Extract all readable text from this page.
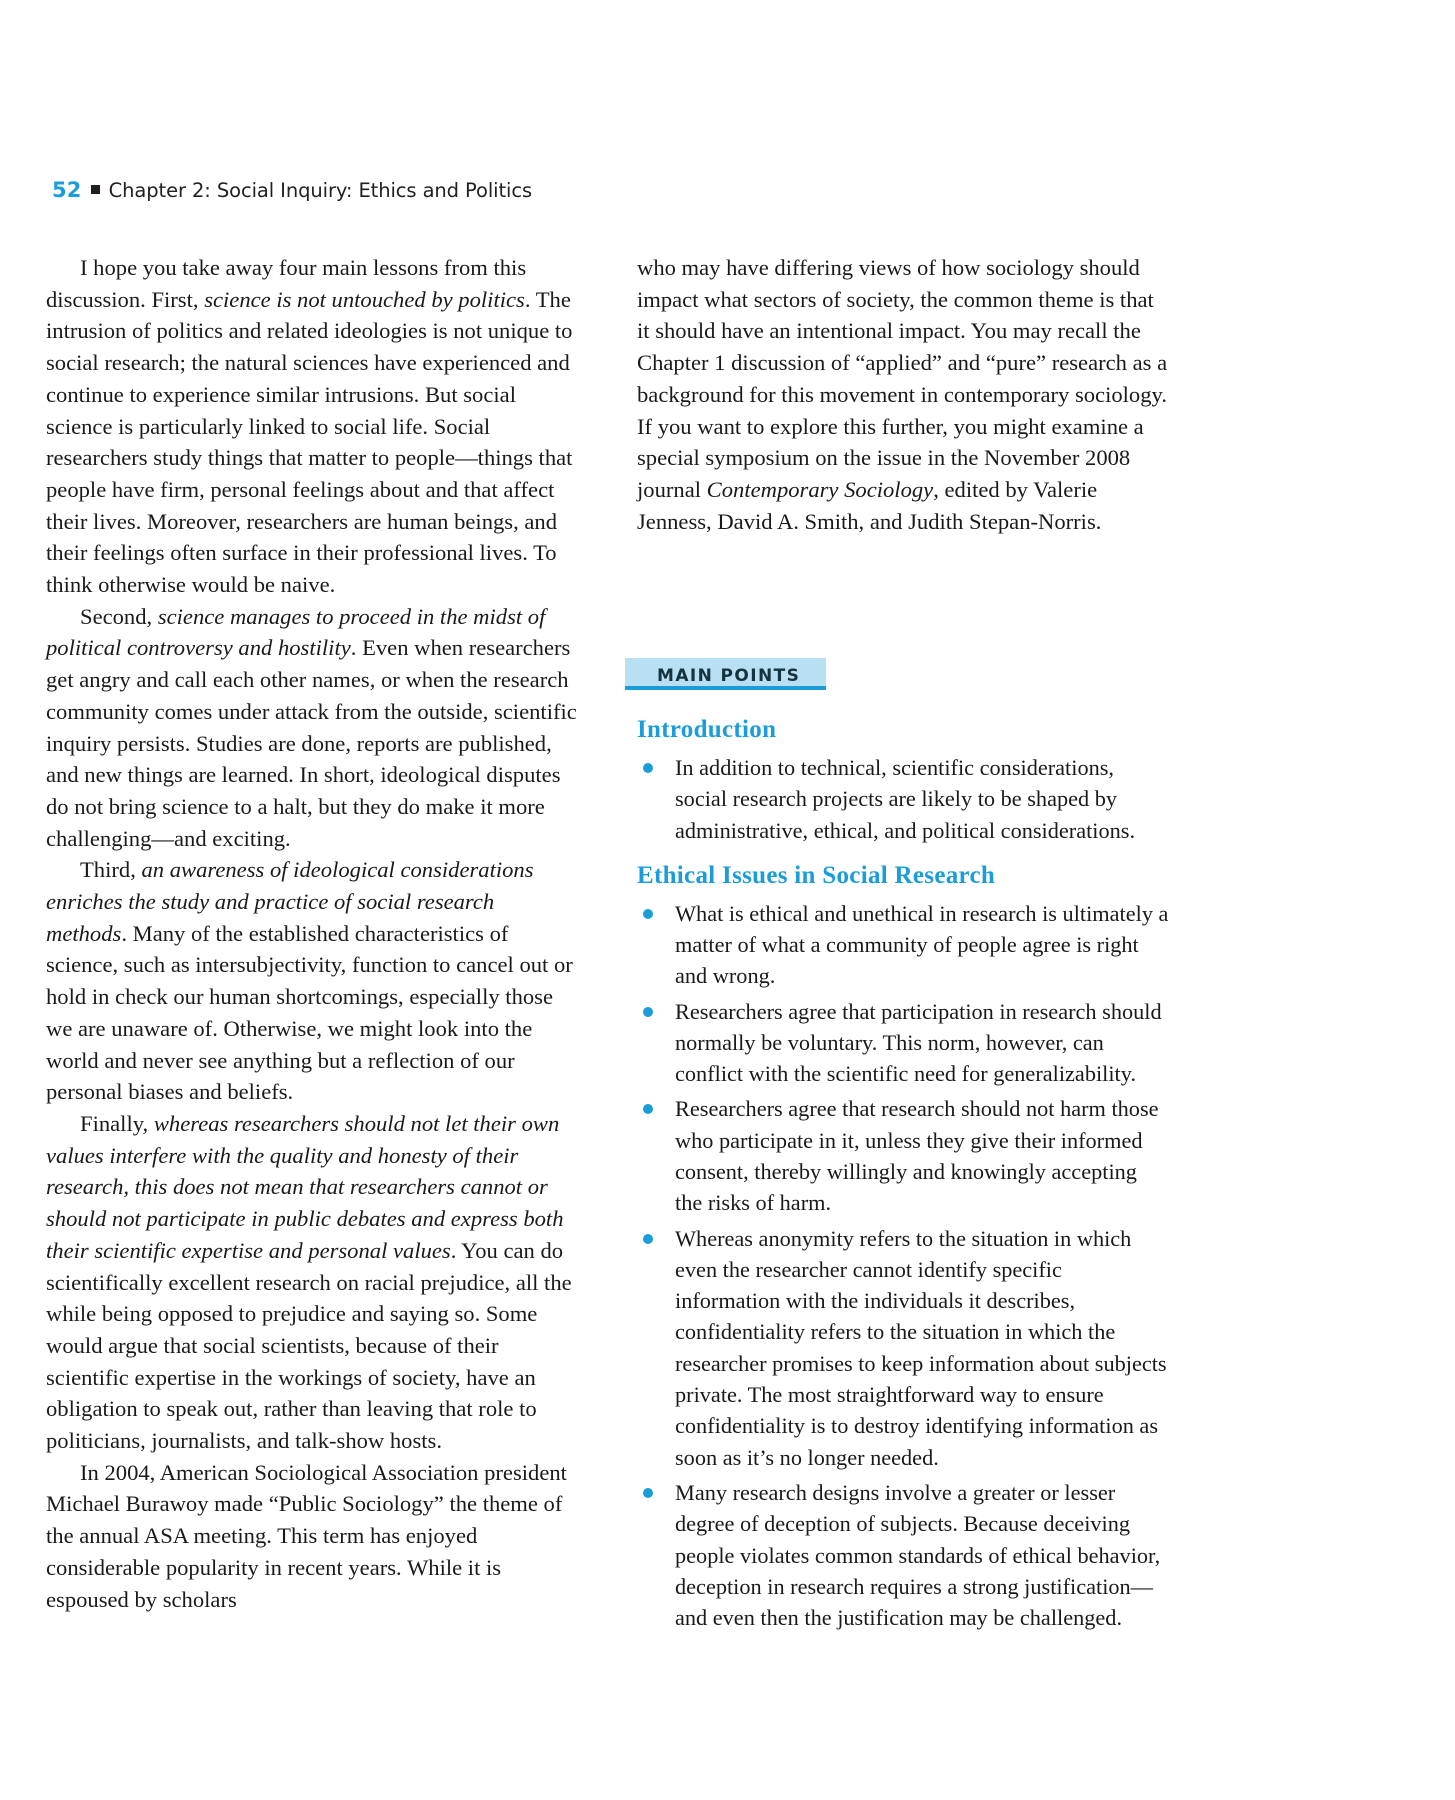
52 Chapter 2: Social Inquiry: Ethics and Politics

I hope you take away four main lessons from this discussion. First, science is not untouched by politics. The intrusion of politics and related ideologies is not unique to social research; the natural sciences have experienced and continue to experience similar intrusions. But social science is particularly linked to social life. Social researchers study things that matter to people—things that people have firm, personal feelings about and that affect their lives. Moreover, researchers are human beings, and their feelings often surface in their professional lives. To think otherwise would be naive.

Second, science manages to proceed in the midst of political controversy and hostility. Even when researchers get angry and call each other names, or when the research community comes under attack from the outside, scientific inquiry persists. Studies are done, reports are published, and new things are learned. In short, ideological disputes do not bring science to a halt, but they do make it more challenging—and exciting.

Third, an awareness of ideological considerations enriches the study and practice of social research methods. Many of the established characteristics of science, such as intersubjectivity, function to cancel out or hold in check our human shortcomings, especially those we are unaware of. Otherwise, we might look into the world and never see anything but a reflection of our personal biases and beliefs.

Finally, whereas researchers should not let their own values interfere with the quality and honesty of their research, this does not mean that researchers cannot or should not participate in public debates and express both their scientific expertise and personal values. You can do scientifically excellent research on racial prejudice, all the while being opposed to prejudice and saying so. Some would argue that social scientists, because of their scientific expertise in the workings of society, have an obligation to speak out, rather than leaving that role to politicians, journalists, and talk-show hosts.

In 2004, American Sociological Association president Michael Burawoy made “Public Sociology” the theme of the annual ASA meeting. This term has enjoyed considerable popularity in recent years. While it is espoused by scholars

who may have differing views of how sociology should impact what sectors of society, the common theme is that it should have an intentional impact. You may recall the Chapter 1 discussion of “applied” and “pure” research as a background for this movement in contemporary sociology. If you want to explore this further, you might examine a special symposium on the issue in the November 2008 journal Contemporary Sociology, edited by Valerie Jenness, David A. Smith, and Judith Stepan-Norris.

MAIN POINTS
Introduction
In addition to technical, scientific considerations, social research projects are likely to be shaped by administrative, ethical, and political considerations.
Ethical Issues in Social Research
What is ethical and unethical in research is ultimately a matter of what a community of people agree is right and wrong.
Researchers agree that participation in research should normally be voluntary. This norm, however, can conflict with the scientific need for generalizability.
Researchers agree that research should not harm those who participate in it, unless they give their informed consent, thereby willingly and knowingly accepting the risks of harm.
Whereas anonymity refers to the situation in which even the researcher cannot identify specific information with the individuals it describes, confidentiality refers to the situation in which the researcher promises to keep information about subjects private. The most straightforward way to ensure confidentiality is to destroy identifying information as soon as it’s no longer needed.
Many research designs involve a greater or lesser degree of deception of subjects. Because deceiving people violates common standards of ethical behavior, deception in research requires a strong justification—and even then the justification may be challenged.
